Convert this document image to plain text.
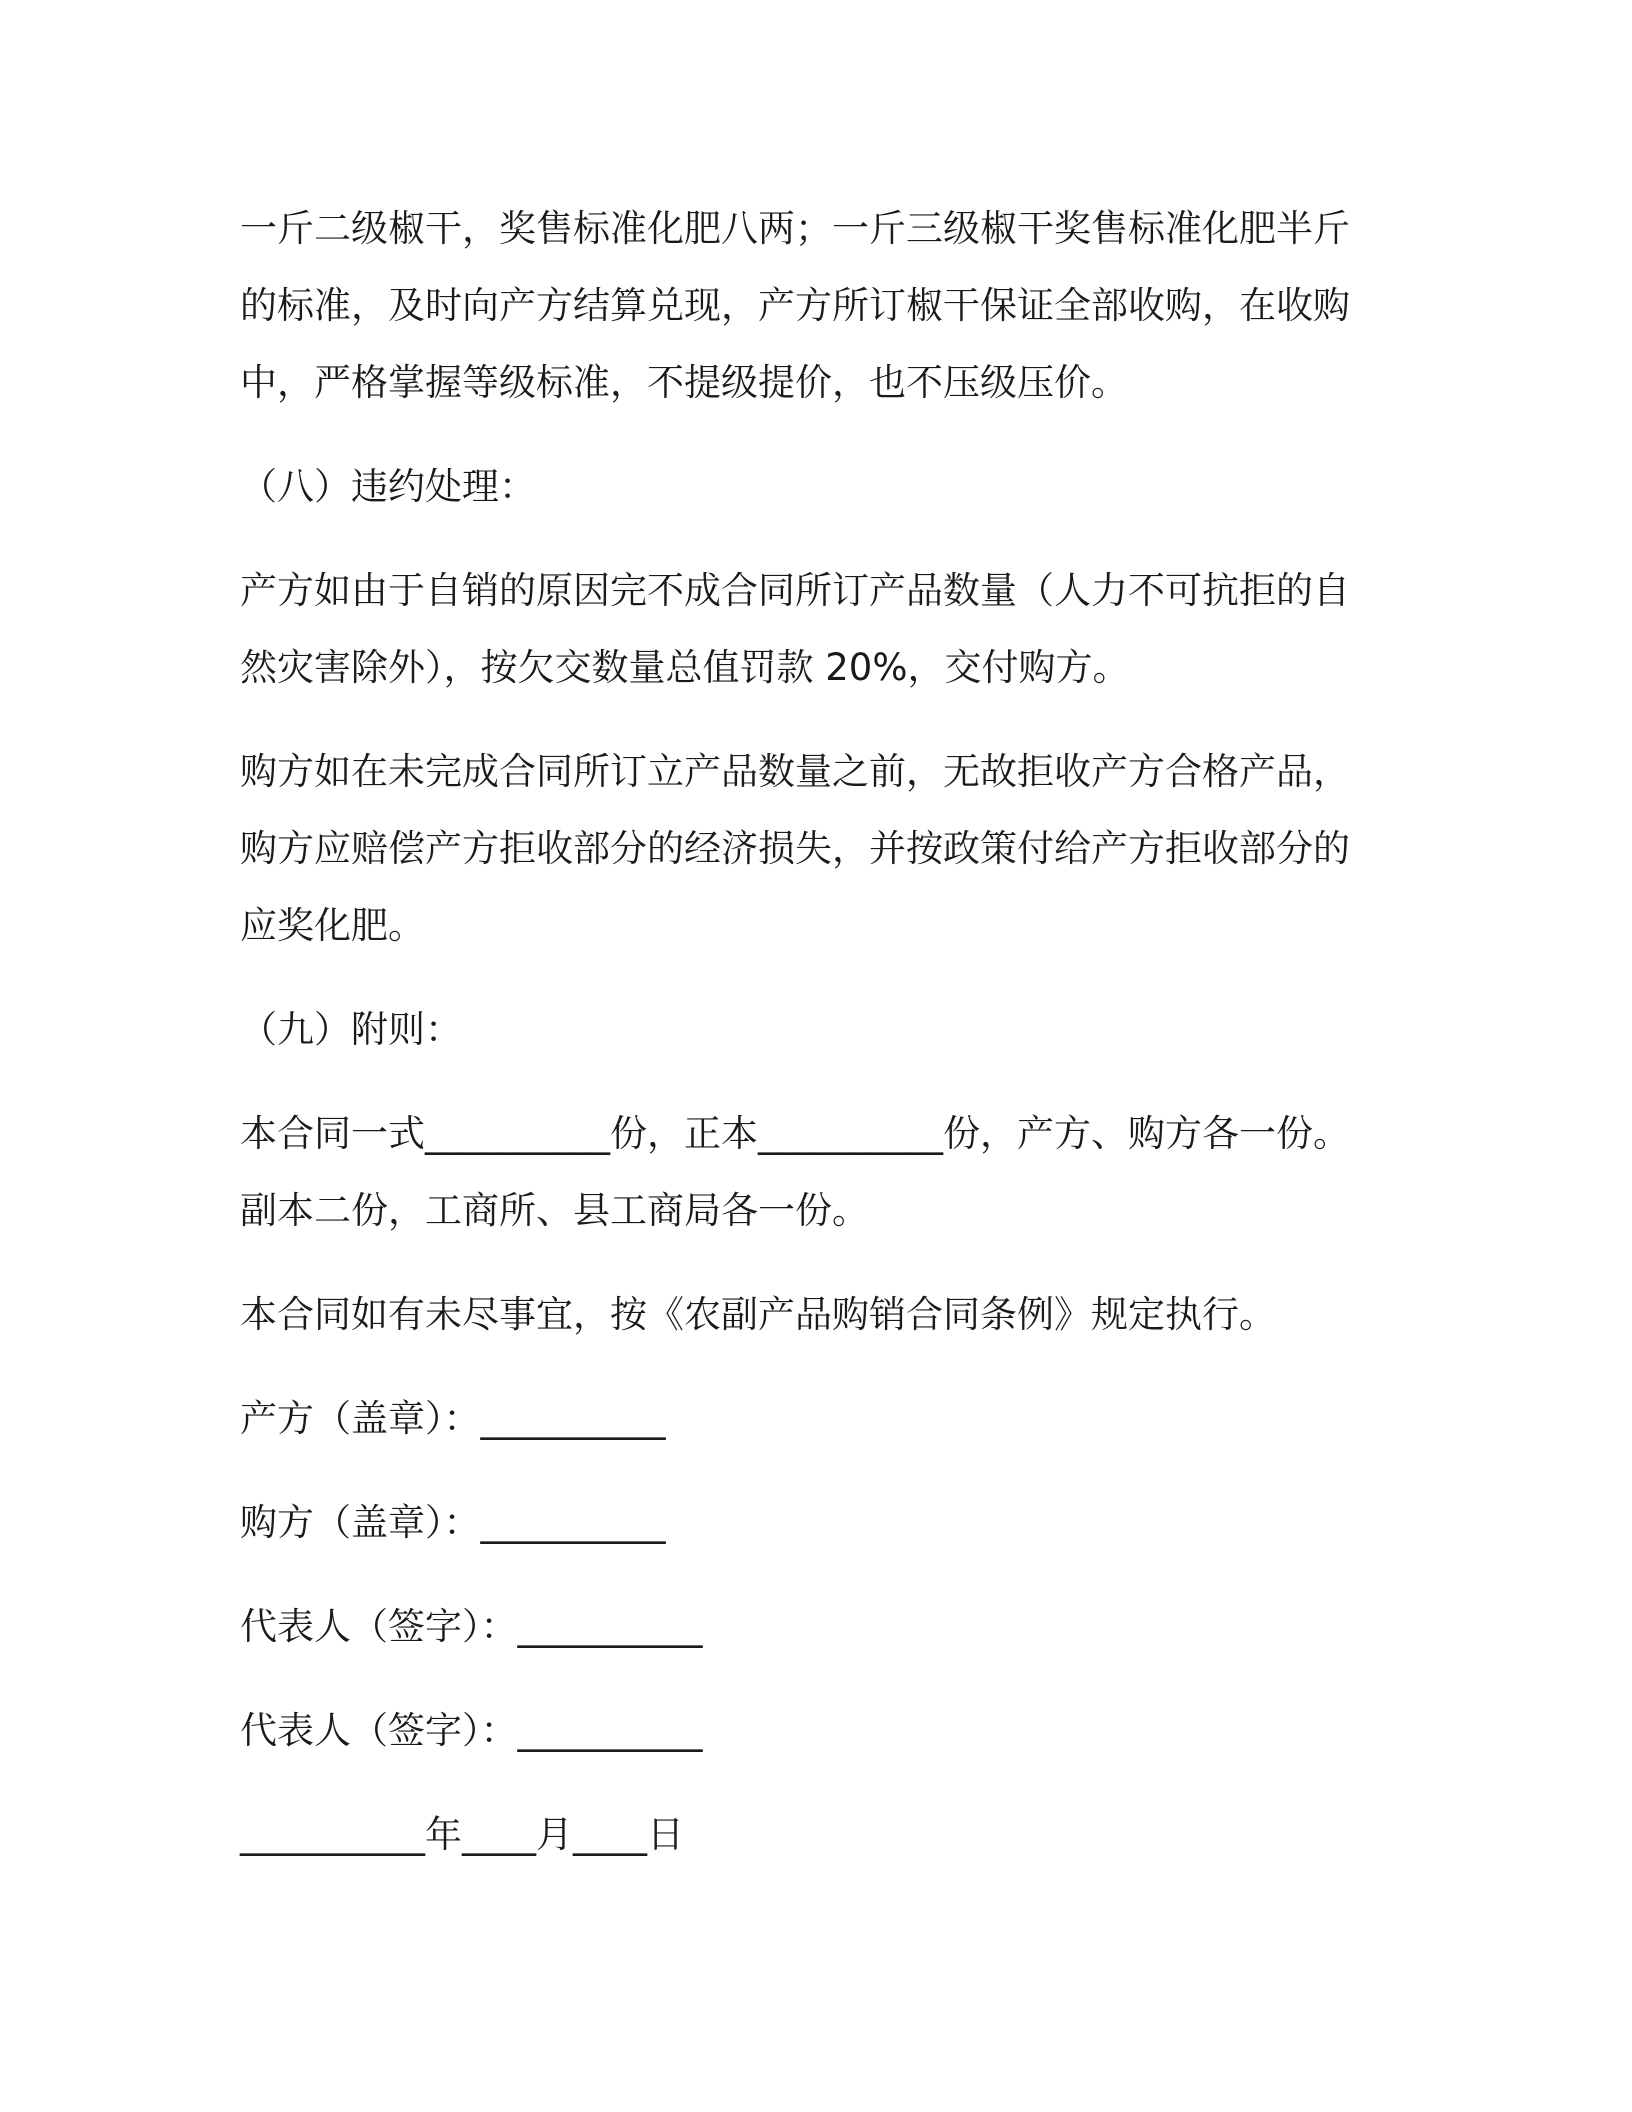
一斤二级椒干，奖售标准化肥八两；一斤三级椒干奖售标准化肥半斤
的标准，及时向产方结算兑现，产方所订椒干保证全部收购，在收购
中，严格掌握等级标准，不提级提价，也不压级压价。

（八）违约处理：

产方如由于自销的原因完不成合同所订产品数量（人力不可抗拒的自
然灾害除外），按欠交数量总值罚款 20%，交付购方。

购方如在未完成合同所订立产品数量之前，无故拒收产方合格产品，
购方应赔偿产方拒收部分的经济损失，并按政策付给产方拒收部分的
应奖化肥。

（九）附则：

本合同一式__________份，正本__________份，产方、购方各一份。
副本二份，工商所、县工商局各一份。

本合同如有未尽事宜，按《农副产品购销合同条例》规定执行。

产方（盖章）：__________

购方（盖章）：__________

代表人（签字）：__________

代表人（签字）：__________

__________年____月____日
